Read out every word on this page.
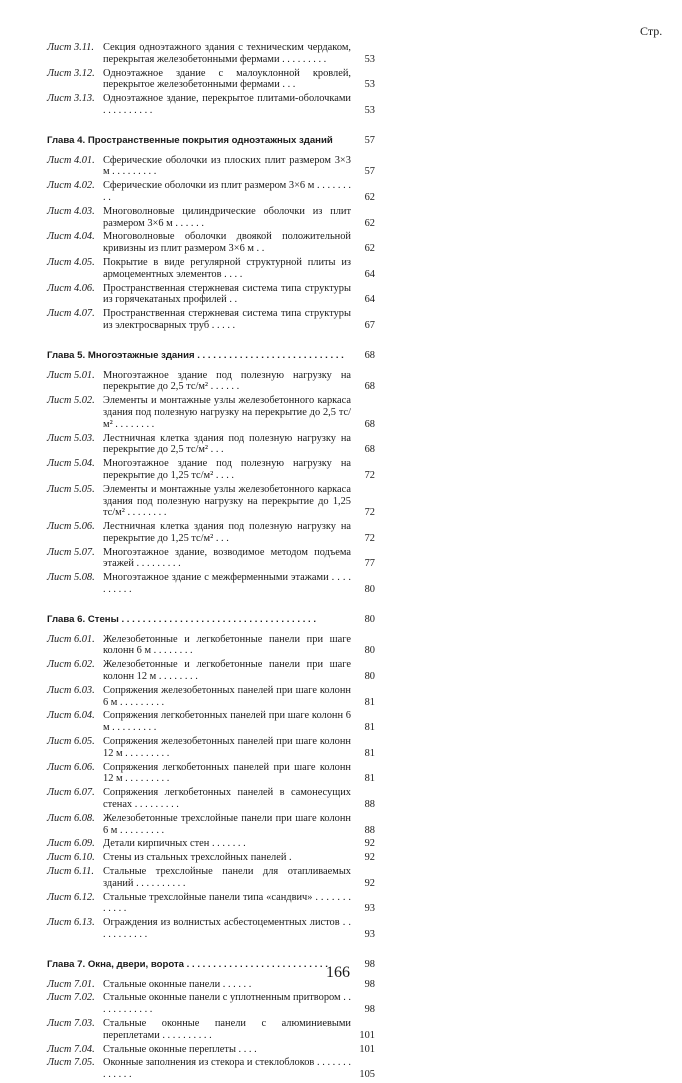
Стр.
Лист 3.11. Секция одноэтажного здания с техническим чердаком, перекрытая железобетонными фермами . . . . . . . . .	53
Лист 3.12. Одноэтажное здание с малоуклонной кровлей, перекрытое железобетонными фермами . . .	53
Лист 3.13. Одноэтажное здание, перекрытое плитами-оболочками . . . . . . . . . .	53
Глава 4. Пространственные покрытия одноэтажных зданий	57
Лист 4.01. Сферические оболочки из плоских плит размером 3×3 м . . . . . . . . .	57
Лист 4.02. Сферические оболочки из плит размером 3×6 м . . . . . . . . .	62
Лист 4.03. Многоволновые цилиндрические оболочки из плит размером 3×6 м . . . . . .	62
Лист 4.04. Многоволновые оболочки двоякой положительной кривизны из плит размером 3×6 м . .	62
Лист 4.05. Покрытие в виде регулярной структурной плиты из армоцементных элементов . . . .	64
Лист 4.06. Пространственная стержневая система типа структуры из горячекатаных профилей . .	64
Лист 4.07. Пространственная стержневая система типа структуры из электросварных труб . . . . .	67
Глава 5. Многоэтажные здания . . . . . . . . . . . . . . . . . . . . . . . . . . . .	68
Лист 5.01. Многоэтажное здание под полезную нагрузку на перекрытие до 2,5 тс/м² . . . . . .	68
Лист 5.02. Элементы и монтажные узлы железобетонного каркаса здания под полезную нагрузку на перекрытие до 2,5 тс/м² . . . . . . . .	68
Лист 5.03. Лестничная клетка здания под полезную нагрузку на перекрытие до 2,5 тс/м² . . .	68
Лист 5.04. Многоэтажное здание под полезную нагрузку на перекрытие до 1,25 тс/м² . . . .	72
Лист 5.05. Элементы и монтажные узлы железобетонного каркаса здания под полезную нагрузку на перекрытие до 1,25 тс/м² . . . . . . . .	72
Лист 5.06. Лестничная клетка здания под полезную нагрузку на перекрытие до 1,25 тс/м² . . .	72
Лист 5.07. Многоэтажное здание, возводимое методом подъема этажей . . . . . . . . .	77
Лист 5.08. Многоэтажное здание с межферменными этажами . . . . . . . . . .	80
Глава 6. Стены . . . . . . . . . . . . . . . . . . . . . . . . . . . . . . . . . . . . .	80
Лист 6.01. Железобетонные и легкобетонные панели при шаге колонн 6 м . . . . . . . .	80
Лист 6.02. Железобетонные и легкобетонные панели при шаге колонн 12 м . . . . . . . .	80
Лист 6.03. Сопряжения железобетонных панелей при шаге колонн 6 м . . . . . . . . .	81
Лист 6.04. Сопряжения легкобетонных панелей при шаге колонн 6 м . . . . . . . . .	81
Лист 6.05. Сопряжения железобетонных панелей при шаге колонн 12 м . . . . . . . . .	81
Лист 6.06. Сопряжения легкобетонных панелей при шаге колонн 12 м . . . . . . . . .	81
Лист 6.07. Сопряжения легкобетонных панелей в самонесущих стенах . . . . . . . . .	88
Лист 6.08. Железобетонные трехслойные панели при шаге колонн 6 м . . . . . . . . .	88
Лист 6.09. Детали кирпичных стен . . . . . . .	92
Лист 6.10. Стены из стальных трехслойных панелей .	92
Лист 6.11. Стальные трехслойные панели для отапливаемых зданий . . . . . . . . . .	92
Лист 6.12. Стальные трехслойные панели типа «сандвич» . . . . . . . . . . . .	93
Лист 6.13. Ограждения из волнистых асбестоцементных листов . . . . . . . . . . .	93
Глава 7. Окна, двери, ворота . . . . . . . . . . . . . . . . . . . . . . . . . . .	98
Лист 7.01. Стальные оконные панели . . . . . .	98
Лист 7.02. Стальные оконные панели с уплотненным притвором . . . . . . . . . . . .	98
Лист 7.03. Стальные оконные панели с алюминиевыми переплетами . . . . . . . . . .	101
Лист 7.04. Стальные оконные переплеты . . . .	101
Лист 7.05. Оконные заполнения из стекора и стеклоблоков . . . . . . . . . . . . .	105
166
